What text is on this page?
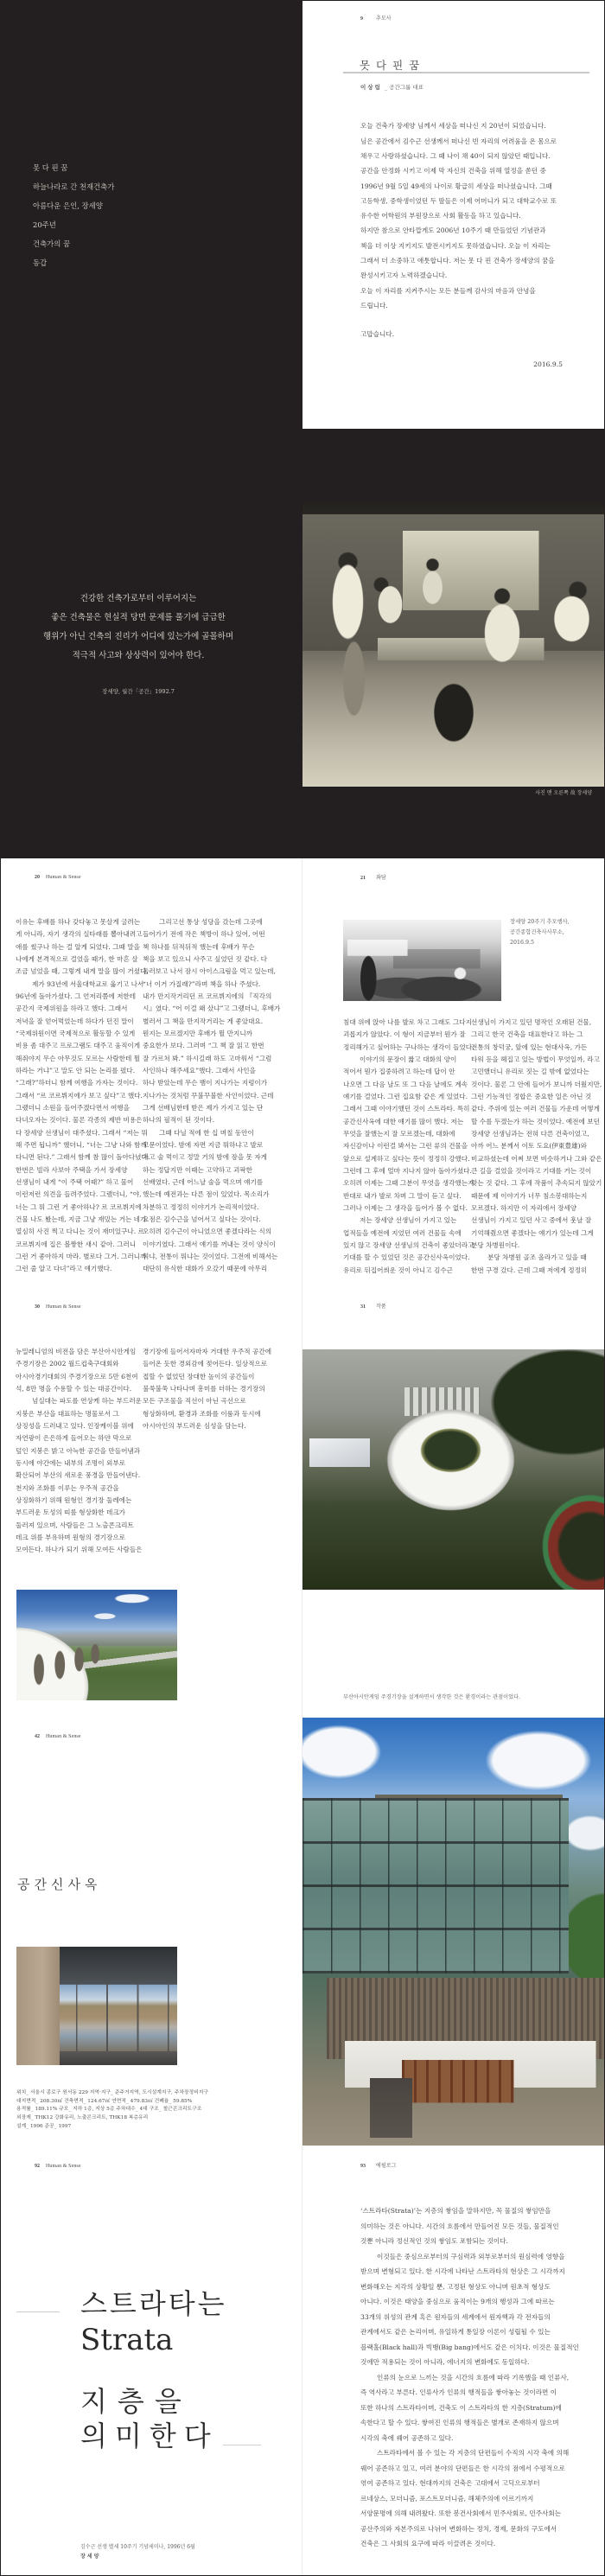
못 다 핀 꿈
하늘나라로 간 천재건축가
아름다운 은인, 장세양
20주년
건축가의 꿈
동갑
9	추모사
못 다 핀 꿈
이상림 _ 공간그룹 대표
오늘 건축가 장세양 님께서 세상을 떠나신 지 20년이 되었습니다.
님은 공간에서 김수근 선생께서 떠나신 빈 자리의 어려움을 온 몸으로
채우고 사랑하셨습니다. 그 때 나이 채 40이 되지 않았던 때입니다.
공간을 안정화 시키고 이제 막 자신의 건축을 위해 열정을 쏟던 중
1996년 9월 5일 49세의 나이로 황급히 세상을 떠나셨습니다. 그때
고등학생, 중학생이었던 두 딸들은 이제 어머니가 되고 대학교수로 또
유수한 어학원의 부원장으로 사회 활동을 하고 있습니다.
하지만 참으로 안타깝게도 2006년 10주기 때 만들었던 기념관과
책을 더 이상 지키지도 발전시키지도 못하였습니다. 오늘 이 자리는
그래서 더 소중하고 애틋합니다. 저는 못 다 핀 건축가 장세양의 꿈을
완성시키고자 노력하겠습니다.
오늘 이 자리를 지켜주시는 모든 분들께 감사의 마음과 안녕을
드립니다.
고맙습니다.
2016.9.5
건강한 건축가로부터 이루어지는
좋은 건축물은 현실적 당면 문제를 풀기에 급급한
행위가 아닌 건축의 진리가 어디에 있는가에 골몰하며
적극적 사고와 상상력이 있어야 한다.
장세양, 월간「공간」1992.7
사진 맨 오른쪽 故 장세양
20 Human & Sense
이유는 후배를 하나 갖다놓고 못살게 굴려는
게 아니라, 자기 생각의 실타래를 뽑아내려고
애를 썼구나 하는 걸 알게 되었다. 그때 말을
나에게 본격적으로 걸었을 때가, 한 마흔 살
조금 넘었을 때, 그렇게 내게 말을 많이 거셨다.
제가 93년에 서울대학교로 옮기고 나서
96년에 돌아가셨다. 그 언저리쯤에 저한테
공간지 국제위원을 하라고 했다. 그래서
저녁을 잘 얻어먹었는데 하다가 던진 말이
“국제위원이면 국제적으로 활동할 수 있게
비용 좀 대주고 프로그램도 대주고 움직이게
해줘야지 무슨 아무것도 모르는 사람한테 뭘
하라는 거냐”고 말도 안 되는 논리를 폈다.
“그래?”하더니 함께 여행을 가자는 것이다.
그래서 “르 코르뷔지에가 보고 싶다”고 했다.
그랬더니 소원을 들어주겠다면서 여행을
다녀오자는 것이다. 물론 각종의 제반 비용은
다 장세양 선생님이 대주셨다. 그래서 “저는 뭐
해 주면 됩니까” 했더니, “너는 그냥 나와 함께
다니면 된다.” 그래서 함께 참 많이 돌아다녔다.
한번은 빌라 사보아 주택을 가서 장세양
선생님이 내게 “이 주택 어때?” 하고 물어
이런저런 의견을 들려주었다. 그랬더니, “야,
너는 그 뭐 그런 거 좋아하나? 르 코르뷔지에
건물 나도 봤는데, 지금 그냥 재밌는 거는 네가
열심히 사진 찍고 다니는 것이 재미있구나. 르
코르뷔지에 집은 볼짱한 새시 같아. 그러니
그런 거 좋아하지 마라. 별로다 그거. 그러니까
그런 줄 알고 다녀”라고 얘기했다.
그리고선 통상 성당을 갔는데 그곳에
들어가기 전에 작은 책방이 하나 있어, 어떤
책 하나를 뒤적뒤적 했는데 후배가 무슨
책을 보고 있으니 사주고 싶었던 것 같다. 다
둘러보고 나서 잠시 아이스크림을 먹고 있는데,
“너 이거 가질래?”라며 책을 하나 주셨다.
내가 만지작거리던 르 코르뷔지에의 『직각의
시』였다. “어 이걸 왜 샀냐”고 그랬더니, 후배가
별러서 그 책을 만지작거리는 게 좋았대요.
뭔지는 모르겠지만 후배가 뭘 만지니까
중요한가 보다. 그러며 “그 책 잘 읽고 한번
잘 가르쳐 봐.” 하시길래 하도 고마워서 “그럼
사인하나 해주세요”했다. 그래서 사인을
하나 받았는데 무슨 뱀이 지나가는 지렁이가
지나가는 것처럼 꾸불꾸불한 사인이었다. 근데
그게 선배님한테 받은 제가 가지고 있는 단
하나의 필적이 된 것이다.
그때 다닐 적에 한 십 며칠 동안이
고문이었다. 밤에 자면 지금 뭐하냐고 발로
차고 술 먹이고 정말 거의 밤에 잠을 못 자게
하는 정답지만 이때는 고약하고 괴팍한
선배였다. 근데 어느날 술을 먹으며 얘기를
했는데 예전과는 다른 점이 있었다. 목소리가
차분하고 정정히 이야기가 논리적이었다.
요점은 김수근을 넘어서고 싶다는 것이다.
오히려 김수근이 아니었으면 좋겠다라는 식의
이야기였다. 그래서 얘기를 꺼내는 것이 양식이
뭐냐, 전통이 뭐냐는 것이었다. 그전에 비해서는
대단히 유식한 대화가 오갔기 때문에 아무리
21 좌담
장세양 20주기 추모행사,
공간종합건축사사무소,
2016.9.5
침대 위에 앉아 나를 발로 차고 그래도 그다지
괴롭지가 않았다. 이 형이 지금부터 뭔가 잘
정리해가고 싶어하는 구나하는 생각이 들었다.
이야기의 문장이 짧고 대화의 양이
적어서 뭔가 집중하려고 하는데 답이 안
나오면 그 다음 날도 또 그 다음 날에도 계속
얘기를 걸었다. 그런 집요함 같은 게 있었다.
그래서 그때 이야기했던 것이 스트라타. 특히
공간신사옥에 대한 얘기를 많이 했다. 저는
무엇을 잘했는지 잘 모르겠는데, 대화에
자신감이나 이런걸 봐서는 그런 류의 건물을
앞으로 설계하고 싶다는 뜻이 정정히 강했다.
그런데 그 후에 얼마 지나지 않아 돌아가셨다.
오히려 이제는 그때 그분이 무엇을 생각했는지
반대로 내가 발로 차며 그 말이 듣고 싶다.
그러나 이제는 그 생각을 들어가 볼 수 없다.
저는 장세양 선생님이 가지고 있는
업적들을 예전에 지었던 여러 건물들 속에
있지 않고 장세양 선생님의 건축이 좋았더라고
기대를 할 수 있었던 것은 공간신사옥이었다.
유리로 뒤집어씌운 것이 아니고 김수근
선생님이 가지고 있던 명작인 오래된 건물,
그리고 한국 건축을 대표한다고 하는 그
전통의 창덕궁, 앞에 있는 현대사옥, 가든
타워 등을 헤집고 있는 방법이 무엇일까, 라고
고민했더니 유리로 짓는 길 밖에 없었다는
것이다. 물론 그 안에 들어가 보니까 더웠지만,
그런 기능적인 정합은 중요한 일은 아닌 것
같다. 주위에 있는 여러 건물들 가운데 어떻게
할 수를 두겠는가 하는 것이었다. 예전에 보던
장세양 선생님과는 전혀 다른 건축이었고,
아까 어느 분께서 이토 도요(伊東豊雄)와
비교하셨는데 어찌 보면 비슷하거나 그와 같은
큰 길을 걸었을 것이라고 기대를 거는 것이
맞는 것 같다. 그 후에 작품이 추속되지 않았기
때문에 제 이야기가 너무 침소봉대하는지
모르겠다. 하지만 이 자리에서 장세양
선생님이 가지고 있던 사고 중에서 훗날 잘
기억해줬으면 좋겠다는 얘기가 있는데 그게
분당 차병원이다.
분당 차병원 골조 올라가고 있을 때
한번 구경 갔다. 근데 그때 저에게 정정히
30 Human & Sense
뉴밀레니엄의 비전을 담은 부산아시안게임
주경기장은 2002 월드컵축구대회와
아시아경기대회의 주경기장으로 5만 6천여
석, 8만 명을 수용할 수 있는 대공간이다.
넘실대는 파도를 연상케 하는 부드러운
지붕은 부산을 대표하는 명물로서 그
상징성을 드러내고 있다. 인장케이블 위에
자연광이 은은하게 들어오는 하얀 막으로
덮인 지붕은 밝고 아늑한 공간을 만들어냄과
동시에 야간에는 내부의 조명이 외부로
확산되어 부산의 새로운 풍경을 만들어낸다.
천지와 조화를 이루는 우주적 공간을
상징화하기 위해 원형인 경기장 둘레에는
부드러운 토성의 띠를 형상화한 데크가
둘러져 있으며, 사람들은 그 노출콘크리트
데크 위를 부유하며 원형의 경기장으로
모여든다. 하나가 되기 위해 모여든 사람들은
경기장에 들어서자마자 거대한 우주적 공간에
들어온 듯한 경외감에 젖어든다. 일상적으로
접할 수 없었던 장대한 높이의 공간들이
불쑥불쑥 나타나며 흥미를 더하는 경기장의
모든 구조물을 직선이 아닌 곡선으로
형상화하며, 환경과 조화를 이룸과 동시에
아시아인의 부드러운 심성을 담는다.
31 작품
부산아시안게임 주경기장을 설계하면서 생각한 것은 환경이라는 관점이었다.
42 Human & Sense
공간신사옥
위치_ 서울시 종로구 원서동 229 지역·지구_ 준주거지역, 도시설계지구, 주차장정비지구
대지면적_ 208.30㎡ 건축면적_ 124.67㎡ 연면적_ 479.83㎡ 건폐율_ 59.85%
용적률_ 189.11% 규모_ 지하 1층, 지상 5층 주차대수_ 4대 구조_ 철근콘크리트구조
외장재_ THK12 강화유리, 노출콘크리트, THK18 복층유리
설계_ 1996 준공_ 1997
92 Human & Sense
스트라타는
Strata
지층을
의미한다
김수근 선생 별세 10주기 기념세미나, 1996년 6월
장세양
93 에필로그
‘스트라타(Strata)’는 지층의 쌓임을 말하지만, 꼭 물질의 쌓임만을
의미하는 것은 아니다. 시간의 흐름에서 만들어진 모든 것들, 물질적인
것뿐 아니라 정신적인 것의 쌓임도 포함되는 것이다.
이것들은 중심으로부터의 구심력과 외부로부터의 원심력에 영향을
받으며 변형되고 있다. 한 시각에 나타난 스트라타의 현상은 그 시각까지
변화해오는 지각의 상황일 뿐, 고정된 형상도 아니며 원초적 형상도
아니다. 이것은 태양을 중심으로 움직이는 9개의 행성과 그에 따르는
33개의 위성의 관계 혹은 원자들의 세계에서 원자핵과 각 전자들의
관계에서도 같은 논리이며, 유일하게 통일장 이론이 성립될 수 있는
블랙홀(Black hall)과 빅뱅(Big bang)에서도 같은 이치다. 이것은 물질적인
것에만 적용되는 것이 아니라, 에너지의 변화에도 동일하다.
인류의 눈으로 느끼는 것을 시간의 흐름에 따라 기록했을 때 인류사,
즉 역사라고 부른다. 인류사가 인류의 행적들을 쌓아놓는 것이라면 이
또한 하나의 스트라타이며, 건축도 이 스트라타의 한 지층(Stratum)에
속한다고 할 수 있다. 쌓여진 인류의 행적들은 별개로 존재하지 않으며
시각의 축에 꿰어 공존하고 있다.
스트라타에서 볼 수 있는 각 지층의 단편들이 수직의 시각 축에 의해
꿰어 공존하고 있고, 여러 분야의 단편들은 한 시각의 점에서 수평적으로
엮여 공존하고 있다. 현대까지의 건축은 고대에서 고딕으로부터
르네상스, 모더니즘, 포스트모더니즘, 해체주의에 이르기까지
서양문명에 의해 내려왔다. 또한 봉건사회에서 민주사회로, 민주사회는
공산주의와 자본주의로 나뉘어 변화하는 정치, 경제, 문화의 구도에서
건축은 그 사회의 요구에 따라 이끌려온 것이다.
